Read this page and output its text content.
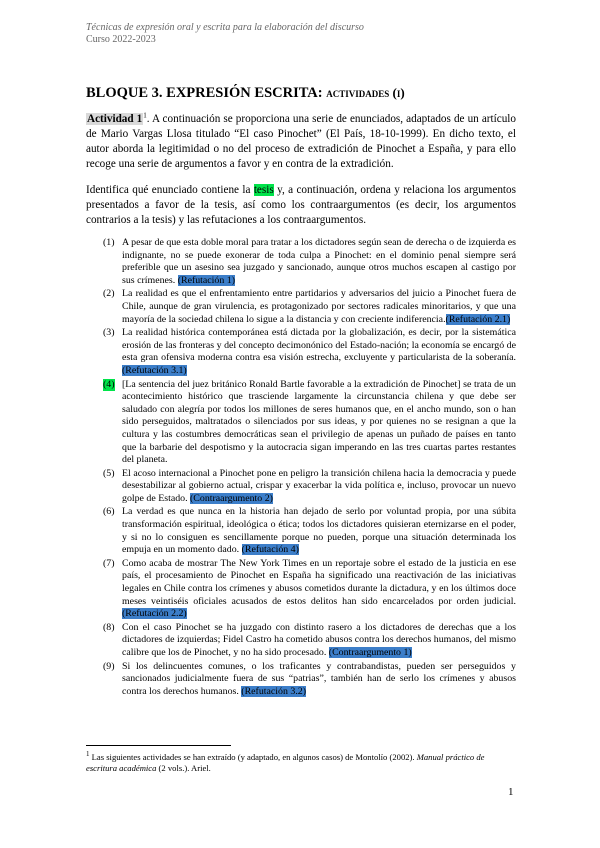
Técnicas de expresión oral y escrita para la elaboración del discurso
Curso 2022-2023
BLOQUE 3. EXPRESIÓN ESCRITA: actividades (i)
Actividad $1^1$. A continuación se proporciona una serie de enunciados, adaptados de un artículo de Mario Vargas Llosa titulado “El caso Pinochet” (El País, 18-10-1999). En dicho texto, el autor aborda la legitimidad o no del proceso de extradición de Pinochet a España, y para ello recoge una serie de argumentos a favor y en contra de la extradición.
Identifica qué enunciado contiene la tesis y, a continuación, ordena y relaciona los argumentos presentados a favor de la tesis, así como los contraargumentos (es decir, los argumentos contrarios a la tesis) y las refutaciones a los contraargumentos.
(1) A pesar de que esta doble moral para tratar a los dictadores según sean de derecha o de izquierda es indignante, no se puede exonerar de toda culpa a Pinochet: en el dominio penal siempre será preferible que un asesino sea juzgado y sancionado, aunque otros muchos escapen al castigo por sus crímenes. (Refutación 1)
(2) La realidad es que el enfrentamiento entre partidarios y adversarios del juicio a Pinochet fuera de Chile, aunque de gran virulencia, es protagonizado por sectores radicales minoritarios, y que una mayoría de la sociedad chilena lo sigue a la distancia y con creciente indiferencia.(Refutación 2.1)
(3) La realidad histórica contemporánea está dictada por la globalización, es decir, por la sistemática erosión de las fronteras y del concepto decimonónico del Estado-nación; la economía se encargó de esta gran ofensiva moderna contra esa visión estrecha, excluyente y particularista de la soberanía. (Refutación 3.1)
(4) [La sentencia del juez británico Ronald Bartle favorable a la extradición de Pinochet] se trata de un acontecimiento histórico que trasciende largamente la circunstancia chilena y que debe ser saludado con alegría por todos los millones de seres humanos que, en el ancho mundo, son o han sido perseguidos, maltratados o silenciados por sus ideas, y por quienes no se resignan a que la cultura y las costumbres democráticas sean el privilegio de apenas un puñado de países en tanto que la barbarie del despotismo y la autocracia sigan imperando en las tres cuartas partes restantes del planeta.
(5) El acoso internacional a Pinochet pone en peligro la transición chilena hacia la democracia y puede desestabilizar al gobierno actual, crispar y exacerbar la vida política e, incluso, provocar un nuevo golpe de Estado. (Contraargumento 2)
(6) La verdad es que nunca en la historia han dejado de serlo por voluntad propia, por una súbita transformación espiritual, ideológica o ética; todos los dictadores quisieran eternizarse en el poder, y si no lo consiguen es sencillamente porque no pueden, porque una situación determinada los empuja en un momento dado. (Refutación 4)
(7) Como acaba de mostrar The New York Times en un reportaje sobre el estado de la justicia en ese país, el procesamiento de Pinochet en España ha significado una reactivación de las iniciativas legales en Chile contra los crímenes y abusos cometidos durante la dictadura, y en los últimos doce meses veintiséis oficiales acusados de estos delitos han sido encarcelados por orden judicial. (Refutación 2.2)
(8) Con el caso Pinochet se ha juzgado con distinto rasero a los dictadores de derechas que a los dictadores de izquierdas; Fidel Castro ha cometido abusos contra los derechos humanos, del mismo calibre que los de Pinochet, y no ha sido procesado. (Contraargumento 1)
(9) Si los delincuentes comunes, o los traficantes y contrabandistas, pueden ser perseguidos y sancionados judicialmente fuera de sus “patrias”, también han de serlo los crímenes y abusos contra los derechos humanos. (Refutación 3.2)
$^1$ Las siguientes actividades se han extraído (y adaptado, en algunos casos) de Montolío (2002). Manual práctico de escritura académica (2 vols.). Ariel.
1
